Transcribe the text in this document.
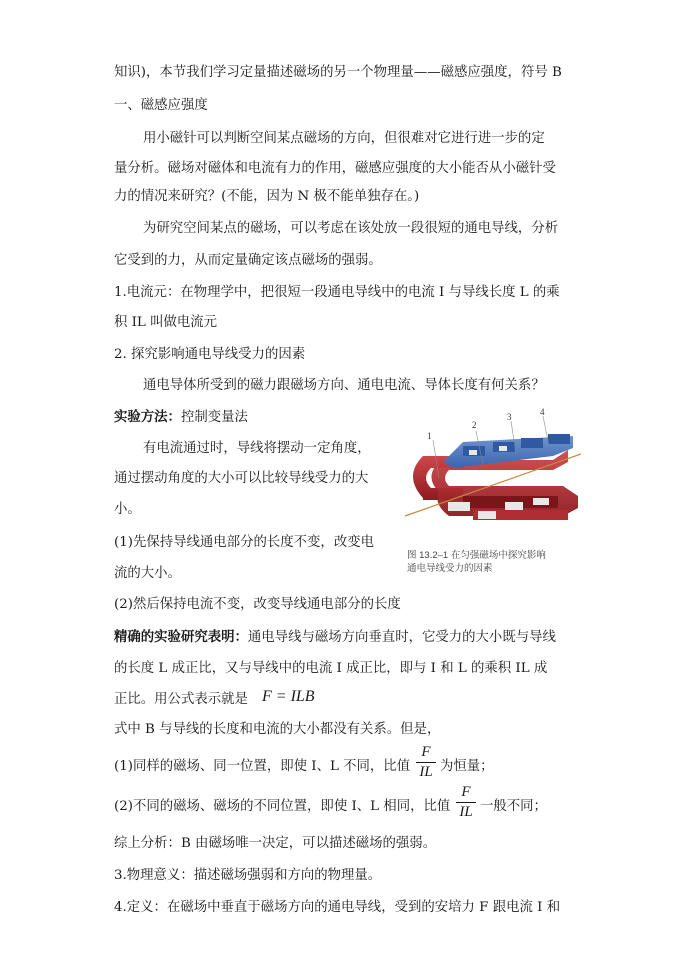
知识)，本节我们学习定量描述磁场的另一个物理量——磁感应强度，符号 B
一、磁感应强度
用小磁针可以判断空间某点磁场的方向，但很难对它进行进一步的定
量分析。磁场对磁体和电流有力的作用，磁感应强度的大小能否从小磁针受
力的情况来研究？(不能，因为 N 极不能单独存在。)
为研究空间某点的磁场，可以考虑在该处放一段很短的通电导线，分析
它受到的力，从而定量确定该点磁场的强弱。
1.电流元：在物理学中，把很短一段通电导线中的电流 I 与导线长度 L 的乘
积 IL 叫做电流元
2. 探究影响通电导线受力的因素
通电导体所受到的磁力跟磁场方向、通电电流、导体长度有何关系？
实验方法：控制变量法
有电流通过时，导线将摆动一定角度，
通过摆动角度的大小可以比较导线受力的大
小。
(1)先保持导线通电部分的长度不变，改变电
流的大小。
(2)然后保持电流不变，改变导线通电部分的长度
1
2
3	4
图 13.2–1 在匀强磁场中探究影响
通电导线受力的因素
精确的实验研究表明：通电导线与磁场方向垂直时，它受力的大小既与导线
的长度 L 成正比，又与导线中的电流 I 成正比，即与 I 和 L 的乘积 IL 成
正比。用公式表示就是 F = ILB
式中 B 与导线的长度和电流的大小都没有关系。但是，
(1)同样的磁场、同一位置，即使 I、L 不同，比值
F
IL 为恒量；
(2)不同的磁场、磁场的不同位置，即使 I、L 相同，比值
F
IL 一般不同；
综上分析：B 由磁场唯一决定，可以描述磁场的强弱。
3.物理意义：描述磁场强弱和方向的物理量。
4.定义：在磁场中垂直于磁场方向的通电导线，受到的安培力 F 跟电流 I 和
